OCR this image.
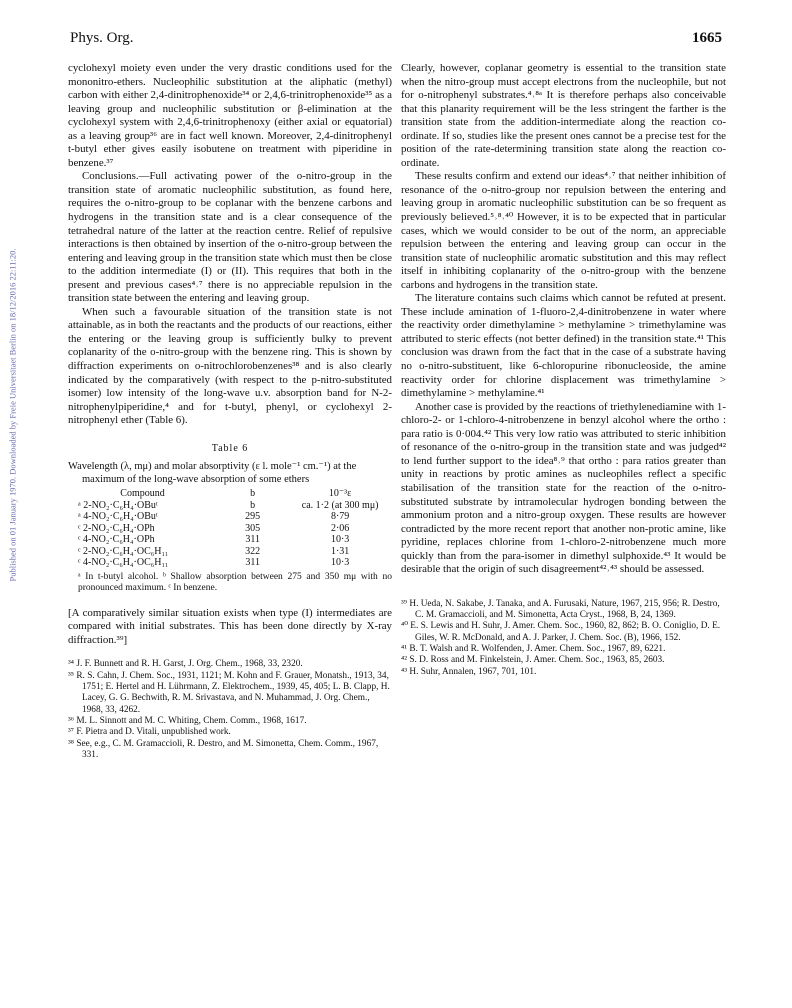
Phys. Org.	1665
Published on 01 January 1970. Downloaded by Freie Universitaet Berlin on 18/12/2016 22:11:20.

cyclohexyl moiety even under the very drastic conditions used for the mononitro-ethers. Nucleophilic substitution at the aliphatic (methyl) carbon with either 2,4-dinitrophenoxide³⁴ or 2,4,6-trinitrophenoxide³⁵ as a leaving group and nucleophilic substitution or β-elimination at the cyclohexyl system with 2,4,6-trinitrophenoxy (either axial or equatorial) as a leaving group³⁶ are in fact well known. Moreover, 2,4-dinitrophenyl t-butyl ether gives easily isobutene on treatment with piperidine in benzene.³⁷

Conclusions.—Full activating power of the o-nitro-group in the transition state of aromatic nucleophilic substitution, as found here, requires the o-nitro-group to be coplanar with the benzene carbons and hydrogens in the transition state and is a clear consequence of the tetrahedral nature of the latter at the reaction centre. Relief of repulsive interactions is then obtained by insertion of the o-nitro-group between the entering and leaving group in the transition state which must then be close to the addition intermediate (I) or (II). This requires that both in the present and previous cases⁴˒⁷ there is no appreciable repulsion in the transition state between the entering and leaving group.

When such a favourable situation of the transition state is not attainable, as in both the reactants and the products of our reactions, either the entering or the leaving group is sufficiently bulky to prevent coplanarity of the o-nitro-group with the benzene ring. This is shown by diffraction experiments on o-nitrochlorobenzenes³⁸ and is also clearly indicated by the comparatively (with respect to the p-nitro-substituted isomer) low intensity of the long-wave u.v. absorption band for N-2-nitrophenylpiperidine,⁴ and for t-butyl, phenyl, or cyclohexyl 2-nitrophenyl ether (Table 6).

Table 6
Wavelength (λ, mμ) and molar absorptivity (ε l. mole⁻¹ cm.⁻¹) at the maximum of the long-wave absorption of some ethers
Compound	b	10⁻³ε
ᵃ 2-NO₂·C₆H₄·OBuᵗ	b	ca. 1·2 (at 300 mμ)
ᵃ 4-NO₂·C₆H₄·OBuᵗ	295	8·79
ᶜ 2-NO₂·C₆H₄·OPh	305	2·06
ᶜ 4-NO₂·C₆H₄·OPh	311	10·3
ᶜ 2-NO₂·C₆H₄·OC₆H₁₁	322	1·31
ᶜ 4-NO₂·C₆H₄·OC₆H₁₁	311	10·3
ᵃ In t-butyl alcohol. ᵇ Shallow absorption between 275 and 350 mμ with no pronounced maximum. ᶜ In benzene.

[A comparatively similar situation exists when type (I) intermediates are compared with initial substrates. This has been done directly by X-ray diffraction.³⁹]

³⁴ J. F. Bunnett and R. H. Garst, J. Org. Chem., 1968, 33, 2320.
³⁵ R. S. Cahn, J. Chem. Soc., 1931, 1121; M. Kohn and F. Grauer, Monatsh., 1913, 34, 1751; E. Hertel and H. Lührmann, Z. Elektrochem., 1939, 45, 405; L. B. Clapp, H. Lacey, G. G. Bechwith, R. M. Srivastava, and N. Muhammad, J. Org. Chem., 1968, 33, 4262.
³⁶ M. L. Sinnott and M. C. Whiting, Chem. Comm., 1968, 1617.
³⁷ F. Pietra and D. Vitali, unpublished work.
³⁸ See, e.g., C. M. Gramaccioli, R. Destro, and M. Simonetta, Chem. Comm., 1967, 331.

Clearly, however, coplanar geometry is essential to the transition state when the nitro-group must accept electrons from the nucleophile, but not for o-nitrophenyl substrates.⁴˒⁸ᵃ It is therefore perhaps also conceivable that this planarity requirement will be the less stringent the farther is the transition state from the addition-intermediate along the reaction co-ordinate. If so, studies like the present ones cannot be a precise test for the position of the rate-determining transition state along the reaction co-ordinate.

These results confirm and extend our ideas⁴˒⁷ that neither inhibition of resonance of the o-nitro-group nor repulsion between the entering and leaving group in aromatic nucleophilic substitution can be so frequent as previously believed.⁵˒⁸˒⁴⁰ However, it is to be expected that in particular cases, which we would consider to be out of the norm, an appreciable repulsion between the entering and leaving group can occur in the transition state of nucleophilic aromatic substitution and this may reflect itself in inhibiting coplanarity of the o-nitro-group with the benzene carbons and hydrogens in the transition state.

The literature contains such claims which cannot be refuted at present. These include amination of 1-fluoro-2,4-dinitrobenzene in water where the reactivity order dimethylamine > methylamine > trimethylamine was attributed to steric effects (not better defined) in the transition state.⁴¹ This conclusion was drawn from the fact that in the case of a substrate having no o-nitro-substituent, like 6-chloropurine ribonucleoside, the amine reactivity order for chlorine displacement was trimethylamine > dimethylamine > methylamine.⁴¹

Another case is provided by the reactions of triethylenediamine with 1-chloro-2- or 1-chloro-4-nitrobenzene in benzyl alcohol where the ortho : para ratio is 0·004.⁴² This very low ratio was attributed to steric inhibition of resonance of the o-nitro-group in the transition state and was judged⁴² to lend further support to the idea⁸˒⁹ that ortho : para ratios greater than unity in reactions by protic amines as nucleophiles reflect a specific stabilisation of the transition state for the reaction of the o-nitro-substituted substrate by intramolecular hydrogen bonding between the ammonium proton and a nitro-group oxygen. These results are however contradicted by the more recent report that another non-protic amine, like pyridine, replaces chlorine from 1-chloro-2-nitrobenzene much more quickly than from the para-isomer in dimethyl sulphoxide.⁴³ It would be desirable that the origin of such disagreement⁴²˒⁴³ should be assessed.

³⁹ H. Ueda, N. Sakabe, J. Tanaka, and A. Furusaki, Nature, 1967, 215, 956; R. Destro, C. M. Gramaccioli, and M. Simonetta, Acta Cryst., 1968, B, 24, 1369.
⁴⁰ E. S. Lewis and H. Suhr, J. Amer. Chem. Soc., 1960, 82, 862; B. O. Coniglio, D. E. Giles, W. R. McDonald, and A. J. Parker, J. Chem. Soc. (B), 1966, 152.
⁴¹ B. T. Walsh and R. Wolfenden, J. Amer. Chem. Soc., 1967, 89, 6221.
⁴² S. D. Ross and M. Finkelstein, J. Amer. Chem. Soc., 1963, 85, 2603.
⁴³ H. Suhr, Annalen, 1967, 701, 101.
